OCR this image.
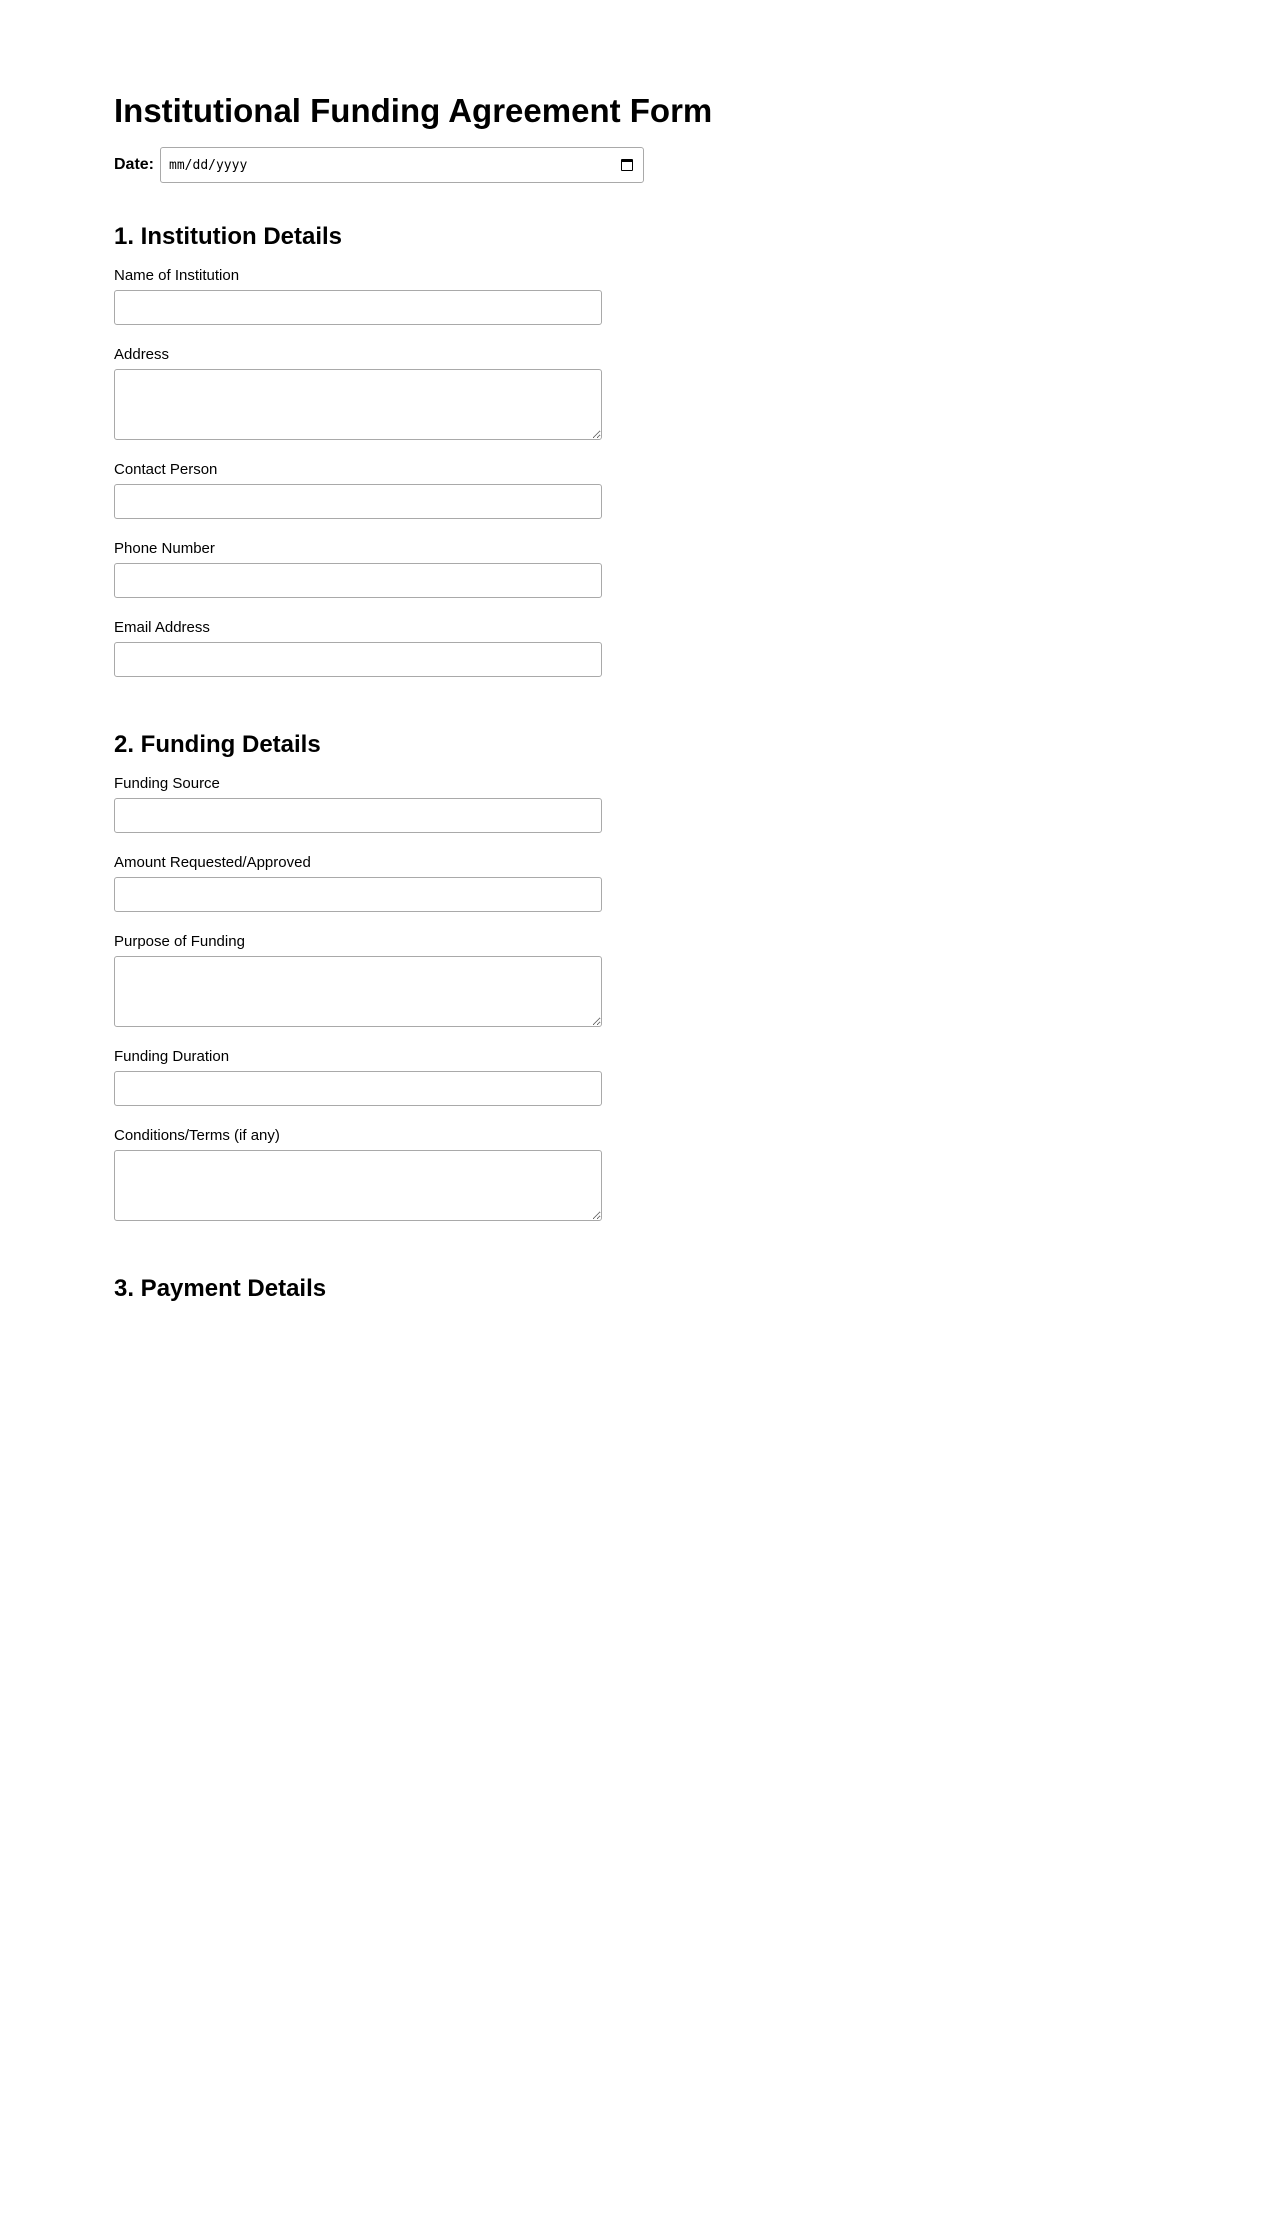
Institutional Funding Agreement Form
Date: mm/dd/yyyy
1. Institution Details
Name of Institution
Address
Contact Person
Phone Number
Email Address
2. Funding Details
Funding Source
Amount Requested/Approved
Purpose of Funding
Funding Duration
Conditions/Terms (if any)
3. Payment Details
